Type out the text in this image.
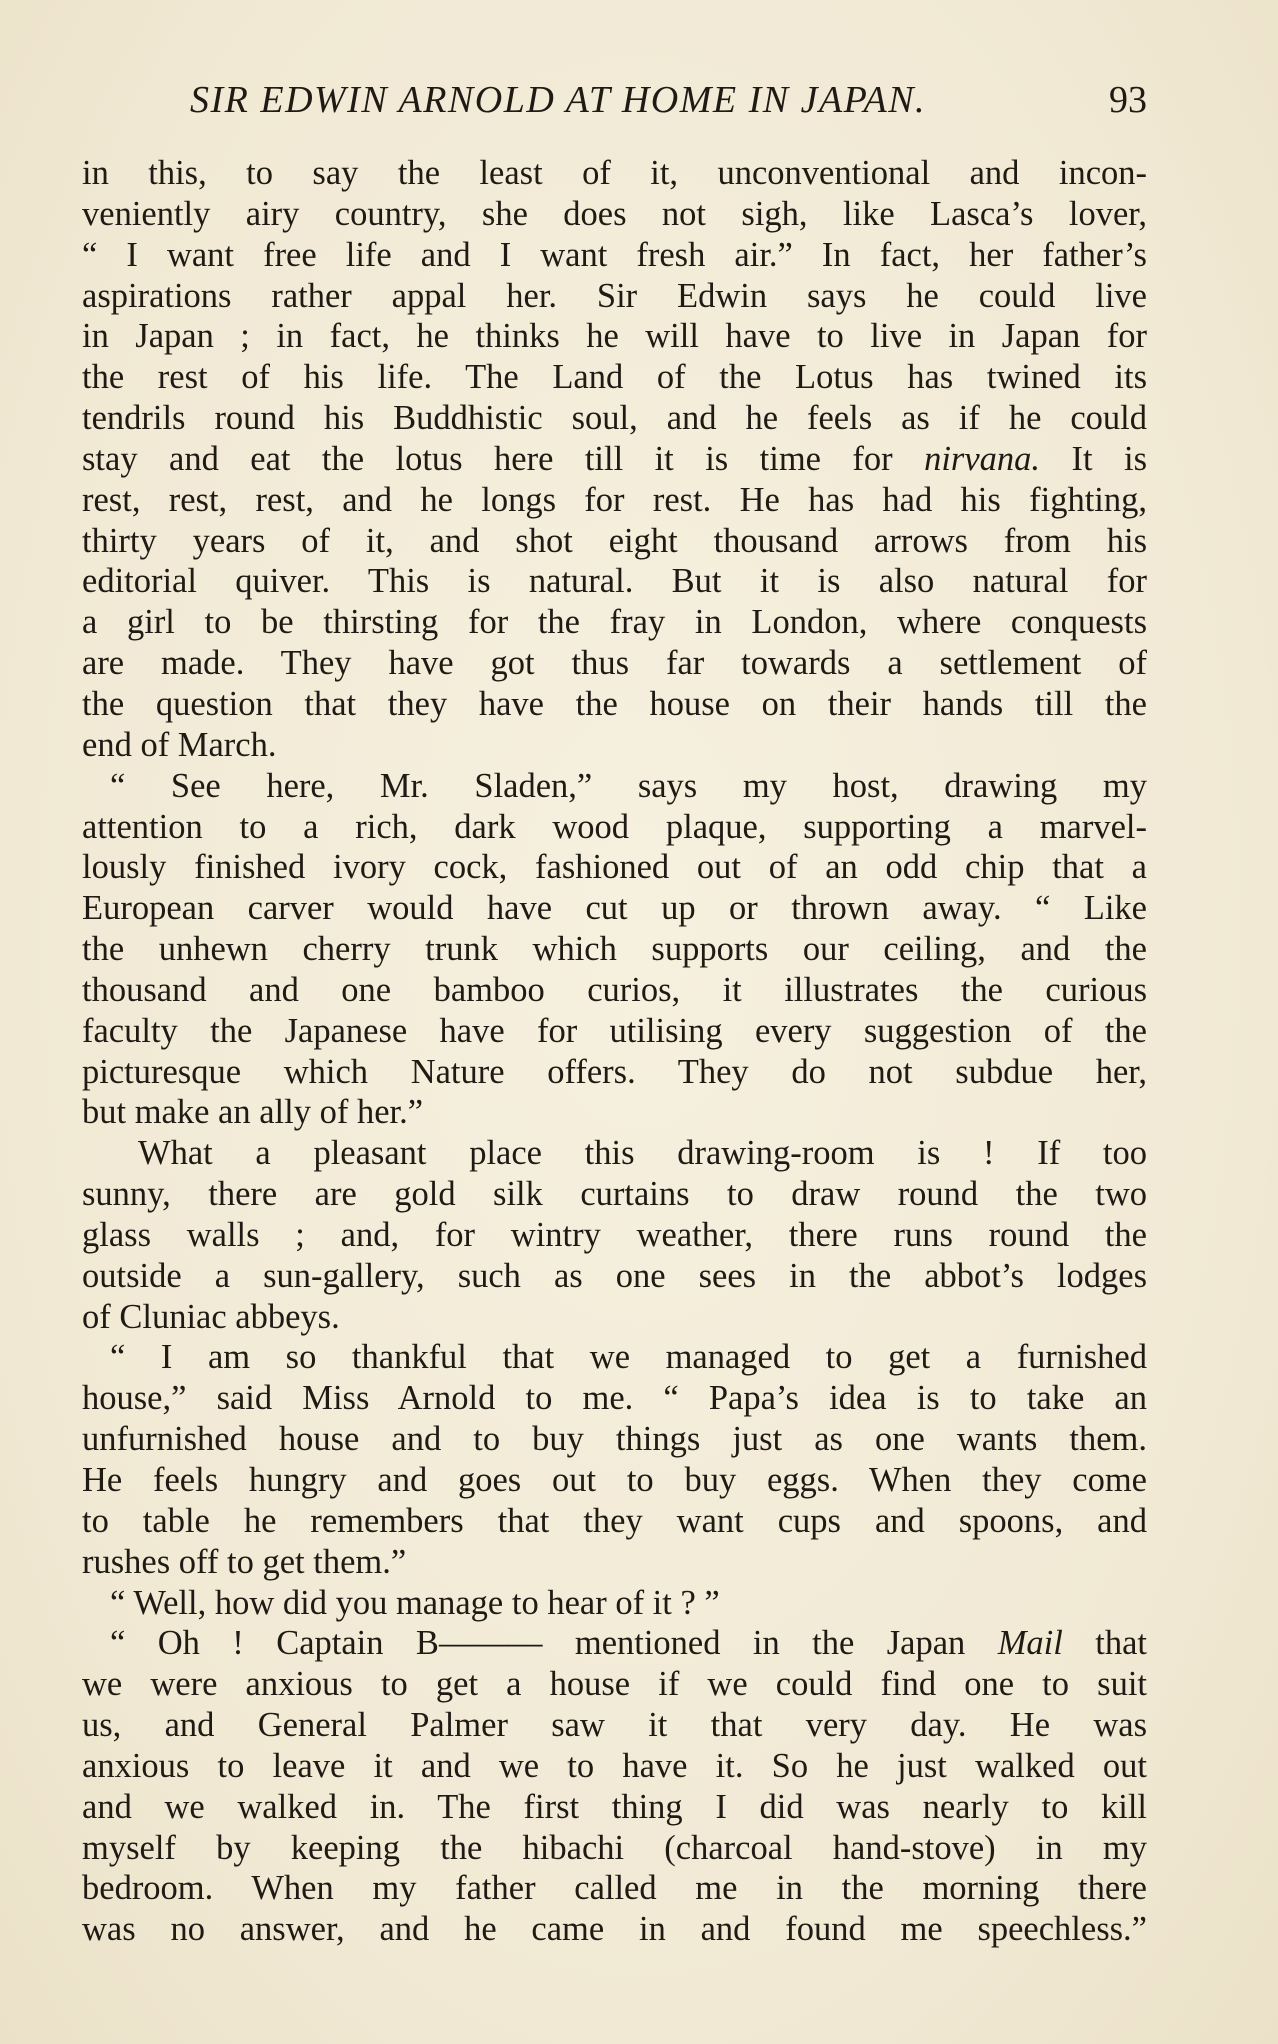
SIR EDWIN ARNOLD AT HOME IN JAPAN.	93
in this, to say the least of it, unconventional and incon-
veniently airy country, she does not sigh, like Lasca’s lover,
“ I want free life and I want fresh air.” In fact, her father’s
aspirations rather appal her. Sir Edwin says he could live
in Japan ; in fact, he thinks he will have to live in Japan for
the rest of his life. The Land of the Lotus has twined its
tendrils round his Buddhistic soul, and he feels as if he could
stay and eat the lotus here till it is time for nirvana. It is
rest, rest, rest, and he longs for rest. He has had his fighting,
thirty years of it, and shot eight thousand arrows from his
editorial quiver. This is natural. But it is also natural for
a girl to be thirsting for the fray in London, where conquests
are made. They have got thus far towards a settlement of
the question that they have the house on their hands till the
end of March.
“ See here, Mr. Sladen,” says my host, drawing my
attention to a rich, dark wood plaque, supporting a marvel-
lously finished ivory cock, fashioned out of an odd chip that a
European carver would have cut up or thrown away. “ Like
the unhewn cherry trunk which supports our ceiling, and the
thousand and one bamboo curios, it illustrates the curious
faculty the Japanese have for utilising every suggestion of the
picturesque which Nature offers. They do not subdue her,
but make an ally of her.”
What a pleasant place this drawing-room is ! If too
sunny, there are gold silk curtains to draw round the two
glass walls ; and, for wintry weather, there runs round the
outside a sun-gallery, such as one sees in the abbot’s lodges
of Cluniac abbeys.
“ I am so thankful that we managed to get a furnished
house,” said Miss Arnold to me. “ Papa’s idea is to take an
unfurnished house and to buy things just as one wants them.
He feels hungry and goes out to buy eggs. When they come
to table he remembers that they want cups and spoons, and
rushes off to get them.”
“ Well, how did you manage to hear of it ? ”
“ Oh ! Captain B——— mentioned in the Japan Mail that
we were anxious to get a house if we could find one to suit
us, and General Palmer saw it that very day. He was
anxious to leave it and we to have it. So he just walked out
and we walked in. The first thing I did was nearly to kill
myself by keeping the hibachi (charcoal hand-stove) in my
bedroom. When my father called me in the morning there
was no answer, and he came in and found me speechless.”
